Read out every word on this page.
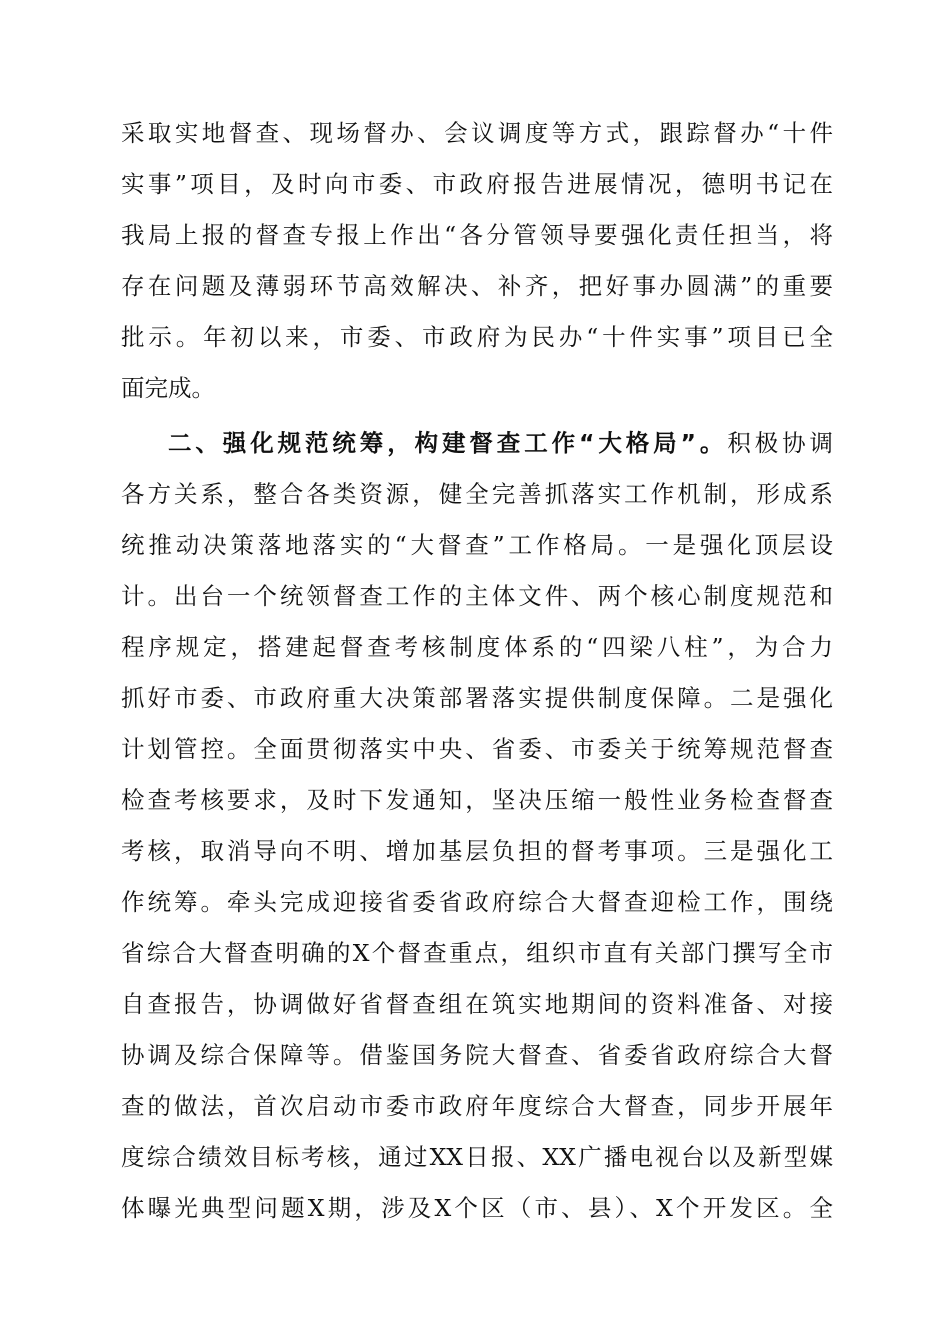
采取实地督查、现场督办、会议调度等方式，跟踪督办“十件
实事”项目，及时向市委、市政府报告进展情况，德明书记在
我局上报的督查专报上作出“各分管领导要强化责任担当，将
存在问题及薄弱环节高效解决、补齐，把好事办圆满”的重要
批示。年初以来，市委、市政府为民办“十件实事”项目已全
面完成。
二、强化规范统筹，构建督查工作“大格局”。积极协调
各方关系，整合各类资源，健全完善抓落实工作机制，形成系
统推动决策落地落实的“大督查”工作格局。一是强化顶层设
计。出台一个统领督查工作的主体文件、两个核心制度规范和
程序规定，搭建起督查考核制度体系的“四梁八柱”，为合力
抓好市委、市政府重大决策部署落实提供制度保障。二是强化
计划管控。全面贯彻落实中央、省委、市委关于统筹规范督查
检查考核要求，及时下发通知，坚决压缩一般性业务检查督查
考核，取消导向不明、增加基层负担的督考事项。三是强化工
作统筹。牵头完成迎接省委省政府综合大督查迎检工作，围绕
省综合大督查明确的X个督查重点，组织市直有关部门撰写全市
自查报告，协调做好省督查组在筑实地期间的资料准备、对接
协调及综合保障等。借鉴国务院大督查、省委省政府综合大督
查的做法，首次启动市委市政府年度综合大督查，同步开展年
度综合绩效目标考核，通过XX日报、XX广播电视台以及新型媒
体曝光典型问题X期，涉及X个区（市、县）、X个开发区。全
